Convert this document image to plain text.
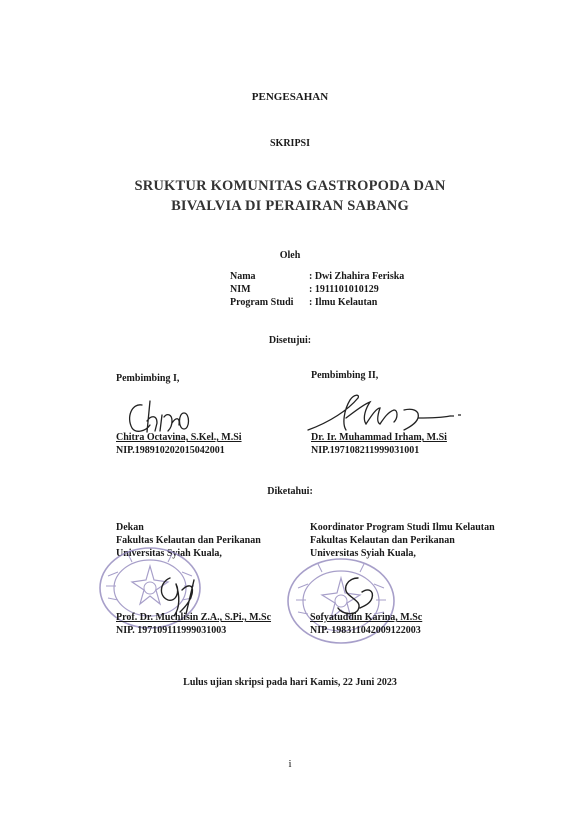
PENGESAHAN
SKRIPSI
SRUKTUR KOMUNITAS GASTROPODA DAN
BIVALVIA DI PERAIRAN SABANG
Oleh
Nama	: Dwi Zhahira Feriska
NIM	: 1911101010129
Program Studi : Ilmu Kelautan
Disetujui:
Pembimbing I,	Pembimbing II,
Chitra Octavina, S.Kel., M.Si
NIP.198910202015042001
Dr. Ir. Muhammad Irham, M.Si
NIP.197108211999031001
Diketahui:
Dekan
Fakultas Kelautan dan Perikanan
Universitas Syiah Kuala,
Koordinator Program Studi Ilmu Kelautan
Fakultas Kelautan dan Perikanan
Universitas Syiah Kuala,
Prof. Dr. Muchlisin Z.A., S.Pi., M.Sc
NIP. 197109111999031003
Sofyatuddin Karina, M.Sc
NIP. 198311042009122003
Lulus ujian skripsi pada hari Kamis, 22 Juni 2023
i
